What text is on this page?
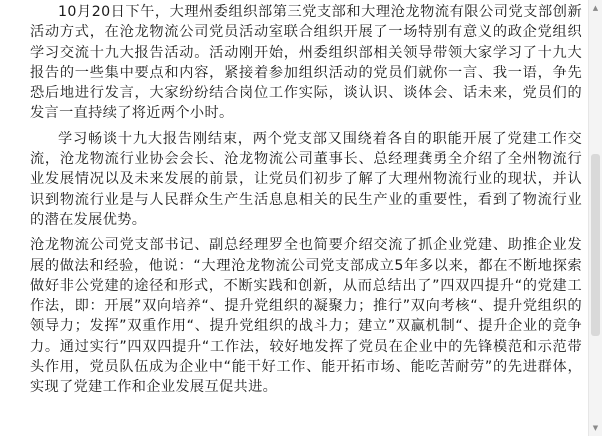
10月20日下午，大理州委组织部第三党支部和大理沧龙物流有限公司党支部创新活动方式，在沧龙物流公司党员活动室联合组织开展了一场特别有意义的政企党组织学习交流十九大报告活动。活动刚开始，州委组织部相关领导带领大家学习了十九大报告的一些集中要点和内容，紧接着参加组织活动的党员们就你一言、我一语，争先恐后地进行发言，大家纷纷结合岗位工作实际，谈认识、谈体会、话未来，党员们的发言一直持续了将近两个小时。

学习畅谈十九大报告刚结束，两个党支部又围绕着各自的职能开展了党建工作交流，沧龙物流行业协会会长、沧龙物流公司董事长、总经理龚勇全介绍了全州物流行业发展情况以及未来发展的前景，让党员们初步了解了大理州物流行业的现状，并认识到物流行业是与人民群众生产生活息息相关的民生产业的重要性，看到了物流行业的潜在发展优势。

沧龙物流公司党支部书记、副总经理罗全也简要介绍交流了抓企业党建、助推企业发展的做法和经验，他说：“大理沧龙物流公司党支部成立5年多以来，都在不断地探索做好非公党建的途径和形式，不断实践和创新，从而总结出了”四双四提升“的党建工作法，即：开展”双向培养“、提升党组织的凝聚力；推行”双向考核“、提升党组织的领导力；发挥”双重作用“、提升党组织的战斗力；建立”双赢机制“、提升企业的竞争力。通过实行”四双四提升“工作法，较好地发挥了党员在企业中的先锋模范和示范带头作用，党员队伍成为企业中“能干好工作、能开拓市场、能吃苦耐劳”的先进群体，实现了党建工作和企业发展互促共进。

▲
▼
